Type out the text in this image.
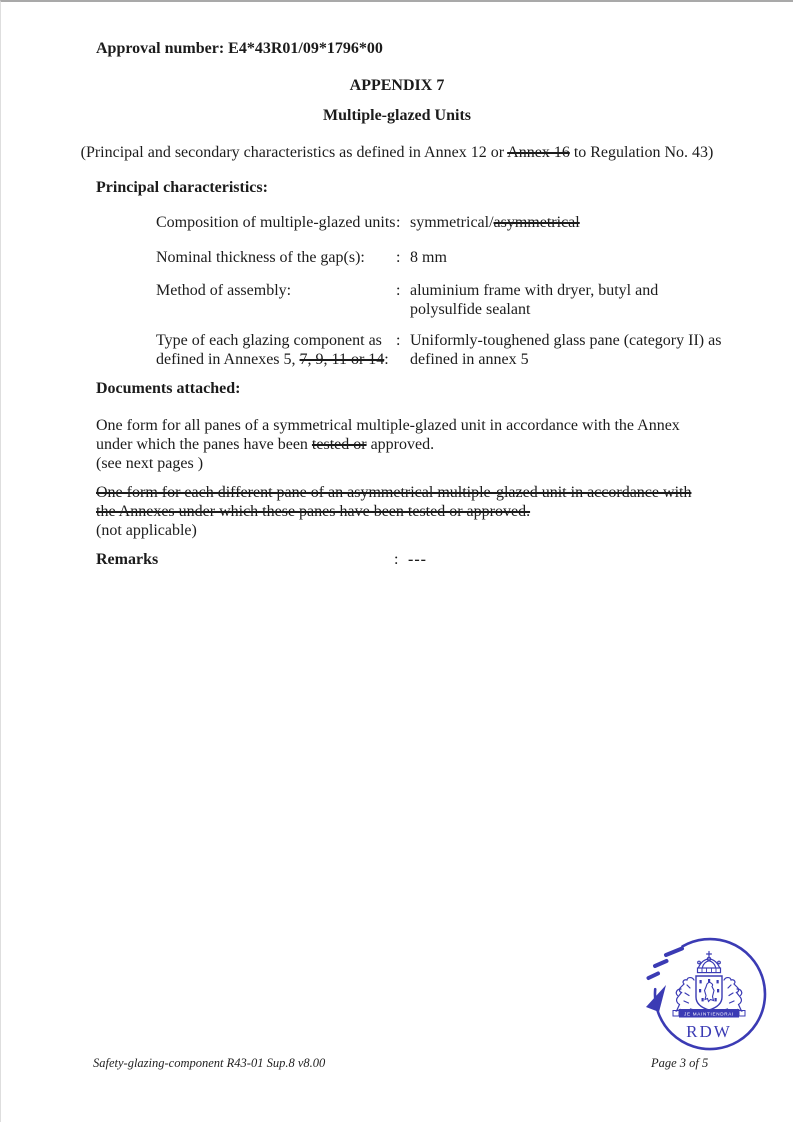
Approval number: E4*43R01/09*1796*00
APPENDIX 7
Multiple-glazed Units
(Principal and secondary characteristics as defined in Annex 12 or Annex 16 to Regulation No. 43)
Principal characteristics:
Composition of multiple-glazed units : symmetrical/asymmetrical
Nominal thickness of the gap(s):	: 8 mm
Method of assembly:	: aluminium frame with dryer, butyl and polysulfide sealant
Type of each glazing component as defined in Annexes 5, 7, 9, 11 or 14:
: Uniformly-toughened glass pane (category II) as defined in annex 5
Documents attached:
One form for all panes of a symmetrical multiple-glazed unit in accordance with the Annex under which the panes have been tested or approved.
(see next pages )
One form for each different pane of an asymmetrical multiple-glazed unit in accordance with the Annexes under which these panes have been tested or approved.
(not applicable)
Remarks	: ---
JE MAINTIENDRAI
RDW
Safety-glazing-component R43-01 Sup.8 v8.00	Page 3 of 5
